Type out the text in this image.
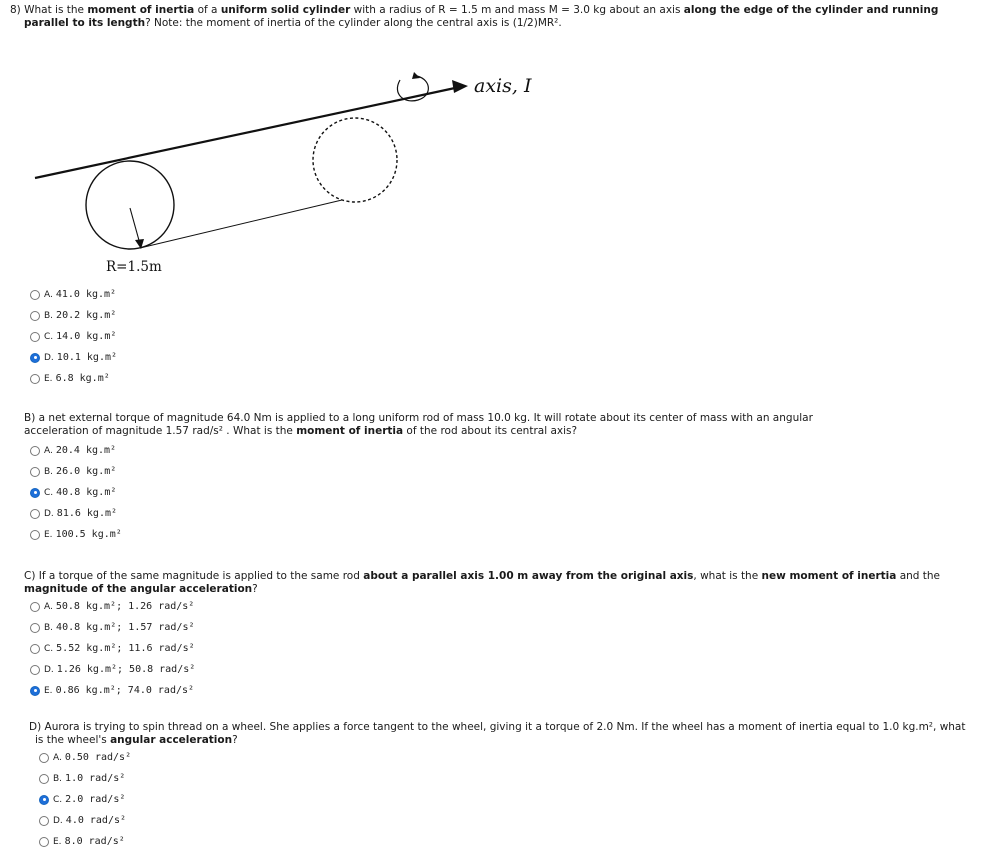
8) What is the moment of inertia of a uniform solid cylinder with a radius of R = 1.5 m and mass M = 3.0 kg about an axis along the edge of the cylinder and running
parallel to its length? Note: the moment of inertia of the cylinder along the central axis is (1/2)MR².
axis, I
R=1.5m
A. 41.0 kg.m²
B. 20.2 kg.m²
C. 14.0 kg.m²
D. 10.1 kg.m²
E. 6.8 kg.m²
B) a net external torque of magnitude 64.0 Nm is applied to a long uniform rod of mass 10.0 kg. It will rotate about its center of mass with an angular
acceleration of magnitude 1.57 rad/s² . What is the moment of inertia of the rod about its central axis?
A. 20.4 kg.m²
B. 26.0 kg.m²
C. 40.8 kg.m²
D. 81.6 kg.m²
E. 100.5 kg.m²
C) If a torque of the same magnitude is applied to the same rod about a parallel axis 1.00 m away from the original axis, what is the new moment of inertia and the
magnitude of the angular acceleration?
A. 50.8 kg.m²; 1.26 rad/s²
B. 40.8 kg.m²; 1.57 rad/s²
C. 5.52 kg.m²; 11.6 rad/s²
D. 1.26 kg.m²; 50.8 rad/s²
E. 0.86 kg.m²; 74.0 rad/s²
D) Aurora is trying to spin thread on a wheel. She applies a force tangent to the wheel, giving it a torque of 2.0 Nm. If the wheel has a moment of inertia equal to 1.0 kg.m², what
is the wheel's angular acceleration?
A. 0.50 rad/s²
B. 1.0 rad/s²
C. 2.0 rad/s²
D. 4.0 rad/s²
E. 8.0 rad/s²
